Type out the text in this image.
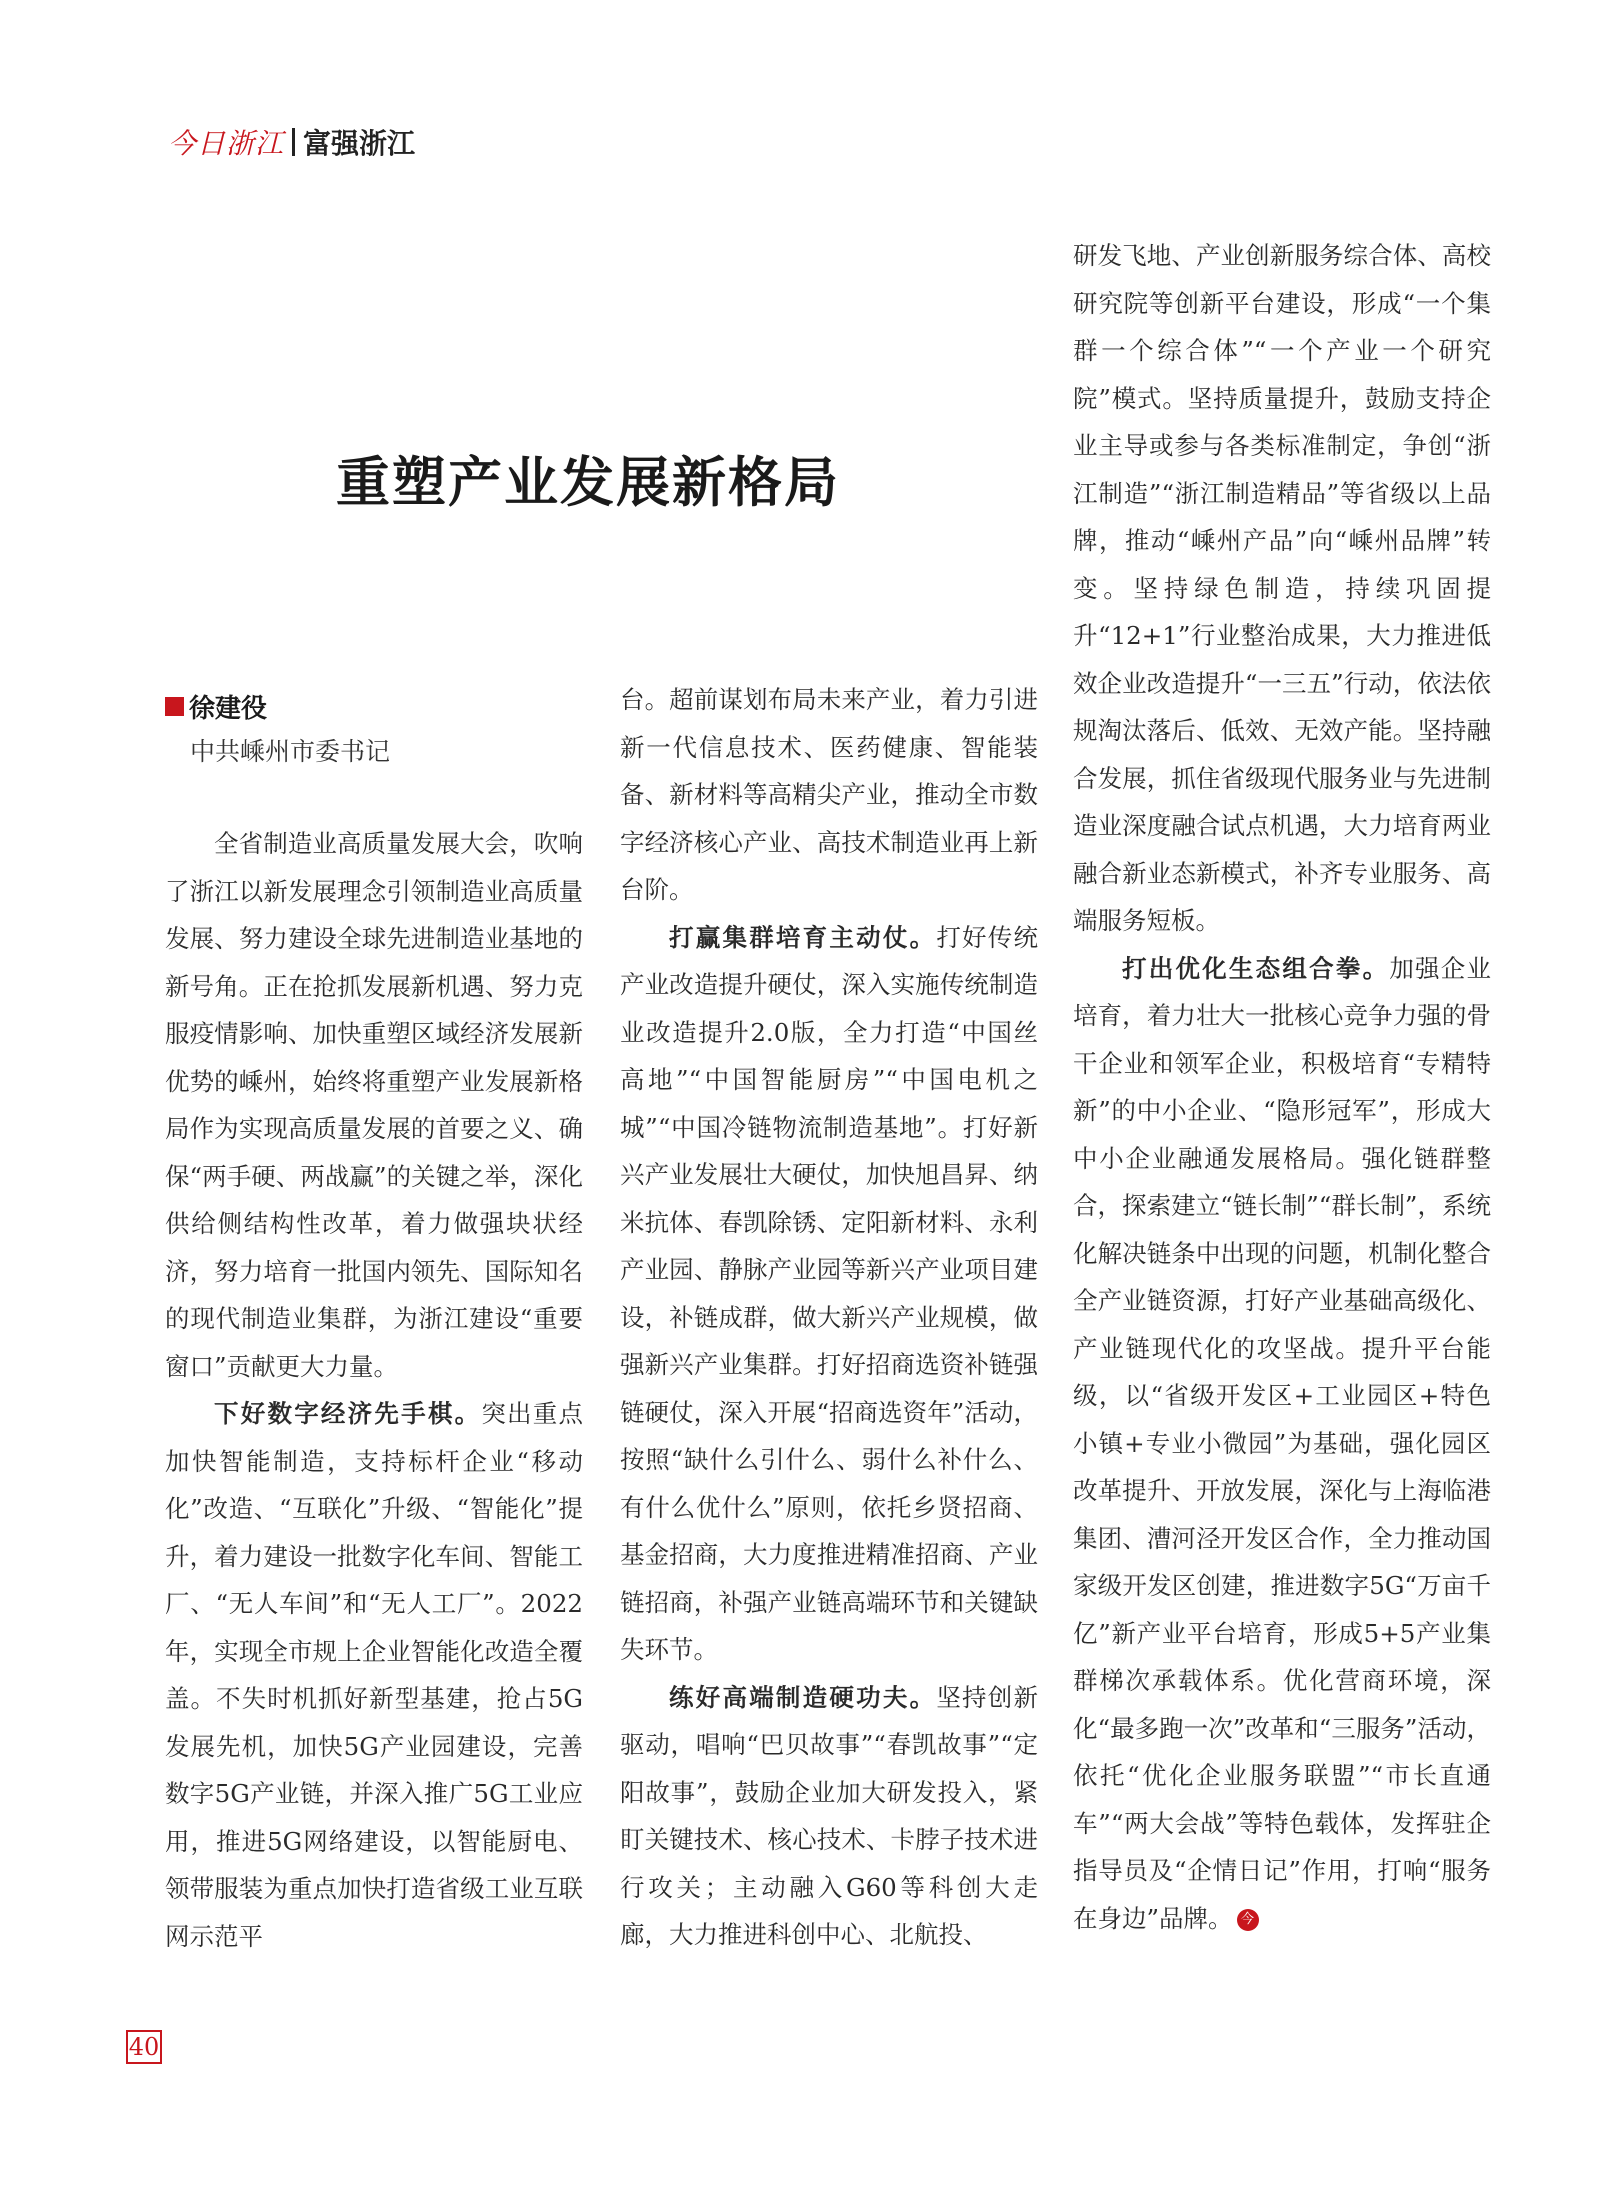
今日浙江 富强浙江
重塑产业发展新格局
徐建役
中共嵊州市委书记

全省制造业高质量发展大会，吹响了浙江以新发展理念引领制造业高质量发展、努力建设全球先进制造业基地的新号角。正在抢抓发展新机遇、努力克服疫情影响、加快重塑区域经济发展新优势的嵊州，始终将重塑产业发展新格局作为实现高质量发展的首要之义、确保“两手硬、两战赢”的关键之举，深化供给侧结构性改革，着力做强块状经济，努力培育一批国内领先、国际知名的现代制造业集群，为浙江建设“重要窗口”贡献更大力量。

下好数字经济先手棋。突出重点加快智能制造，支持标杆企业“移动化”改造、“互联化”升级、“智能化”提升，着力建设一批数字化车间、智能工厂、“无人车间”和“无人工厂”。2022年，实现全市规上企业智能化改造全覆盖。不失时机抓好新型基建，抢占5G发展先机，加快5G产业园建设，完善数字5G产业链，并深入推广5G工业应用，推进5G网络建设，以智能厨电、领带服装为重点加快打造省级工业互联网示范平

台。超前谋划布局未来产业，着力引进新一代信息技术、医药健康、智能装备、新材料等高精尖产业，推动全市数字经济核心产业、高技术制造业再上新台阶。

打赢集群培育主动仗。打好传统产业改造提升硬仗，深入实施传统制造业改造提升2.0版，全力打造“中国丝高地”“中国智能厨房”“中国电机之城”“中国冷链物流制造基地”。打好新兴产业发展壮大硬仗，加快旭昌昇、纳米抗体、春凯除锈、定阳新材料、永利产业园、静脉产业园等新兴产业项目建设，补链成群，做大新兴产业规模，做强新兴产业集群。打好招商选资补链强链硬仗，深入开展“招商选资年”活动，按照“缺什么引什么、弱什么补什么、有什么优什么”原则，依托乡贤招商、基金招商，大力度推进精准招商、产业链招商，补强产业链高端环节和关键缺失环节。

练好高端制造硬功夫。坚持创新驱动，唱响“巴贝故事”“春凯故事”“定阳故事”，鼓励企业加大研发投入，紧盯关键技术、核心技术、卡脖子技术进行攻关；主动融入G60等科创大走廊，大力推进科创中心、北航投、

研发飞地、产业创新服务综合体、高校研究院等创新平台建设，形成“一个集群一个综合体”“一个产业一个研究院”模式。坚持质量提升，鼓励支持企业主导或参与各类标准制定，争创“浙江制造”“浙江制造精品”等省级以上品牌，推动“嵊州产品”向“嵊州品牌”转变。坚持绿色制造，持续巩固提升“12+1”行业整治成果，大力推进低效企业改造提升“一三五”行动，依法依规淘汰落后、低效、无效产能。坚持融合发展，抓住省级现代服务业与先进制造业深度融合试点机遇，大力培育两业融合新业态新模式，补齐专业服务、高端服务短板。

打出优化生态组合拳。加强企业培育，着力壮大一批核心竞争力强的骨干企业和领军企业，积极培育“专精特新”的中小企业、“隐形冠军”，形成大中小企业融通发展格局。强化链群整合，探索建立“链长制”“群长制”，系统化解决链条中出现的问题，机制化整合全产业链资源，打好产业基础高级化、产业链现代化的攻坚战。提升平台能级，以“省级开发区+工业园区+特色小镇+专业小微园”为基础，强化园区改革提升、开放发展，深化与上海临港集团、漕河泾开发区合作，全力推动国家级开发区创建，推进数字5G“万亩千亿”新产业平台培育，形成5+5产业集群梯次承载体系。优化营商环境，深化“最多跑一次”改革和“三服务”活动，依托“优化企业服务联盟”“市长直通车”“两大会战”等特色载体，发挥驻企指导员及“企情日记”作用，打响“服务在身边”品牌。 今

40
